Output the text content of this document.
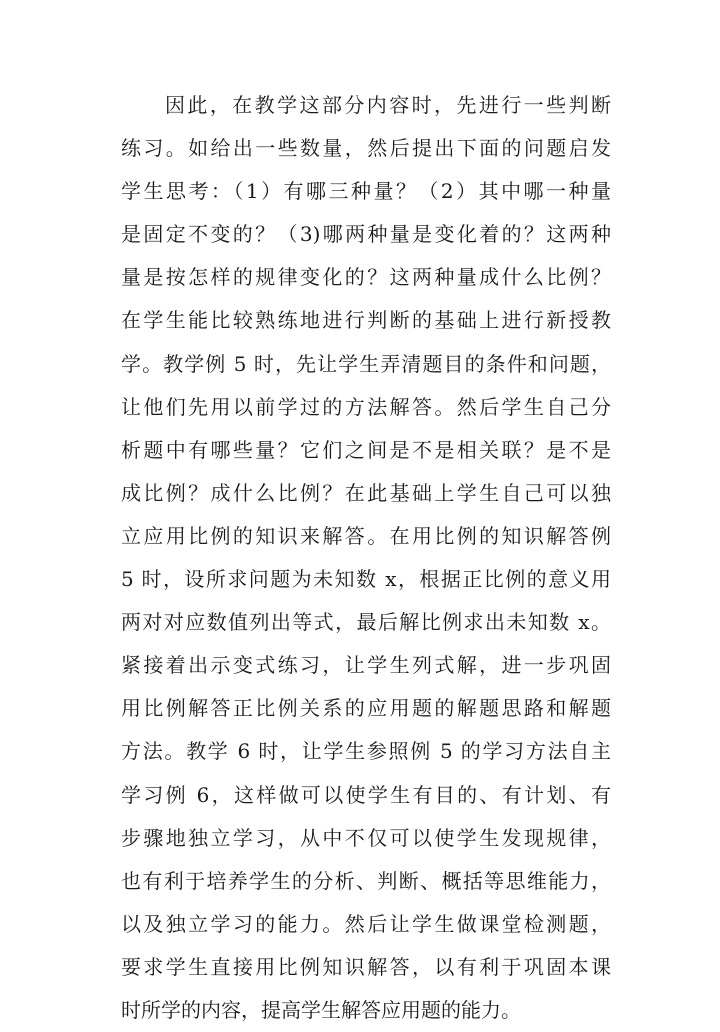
因此，在教学这部分内容时，先进行一些判断
练习。如给出一些数量，然后提出下面的问题启发
学生思考：（1）有哪三种量？（2）其中哪一种量
是固定不变的？（3)哪两种量是变化着的？这两种
量是按怎样的规律变化的？这两种量成什么比例？
在学生能比较熟练地进行判断的基础上进行新授教
学。教学例 5 时，先让学生弄清题目的条件和问题，
让他们先用以前学过的方法解答。然后学生自己分
析题中有哪些量？它们之间是不是相关联？是不是
成比例？成什么比例？在此基础上学生自己可以独
立应用比例的知识来解答。在用比例的知识解答例
5 时，设所求问题为未知数 x，根据正比例的意义用
两对对应数值列出等式，最后解比例求出未知数 x。
紧接着出示变式练习，让学生列式解，进一步巩固
用比例解答正比例关系的应用题的解题思路和解题
方法。教学 6 时，让学生参照例 5 的学习方法自主
学习例 6，这样做可以使学生有目的、有计划、有
步骤地独立学习，从中不仅可以使学生发现规律，
也有利于培养学生的分析、判断、概括等思维能力，
以及独立学习的能力。然后让学生做课堂检测题，
要求学生直接用比例知识解答，以有利于巩固本课
时所学的内容，提高学生解答应用题的能力。
